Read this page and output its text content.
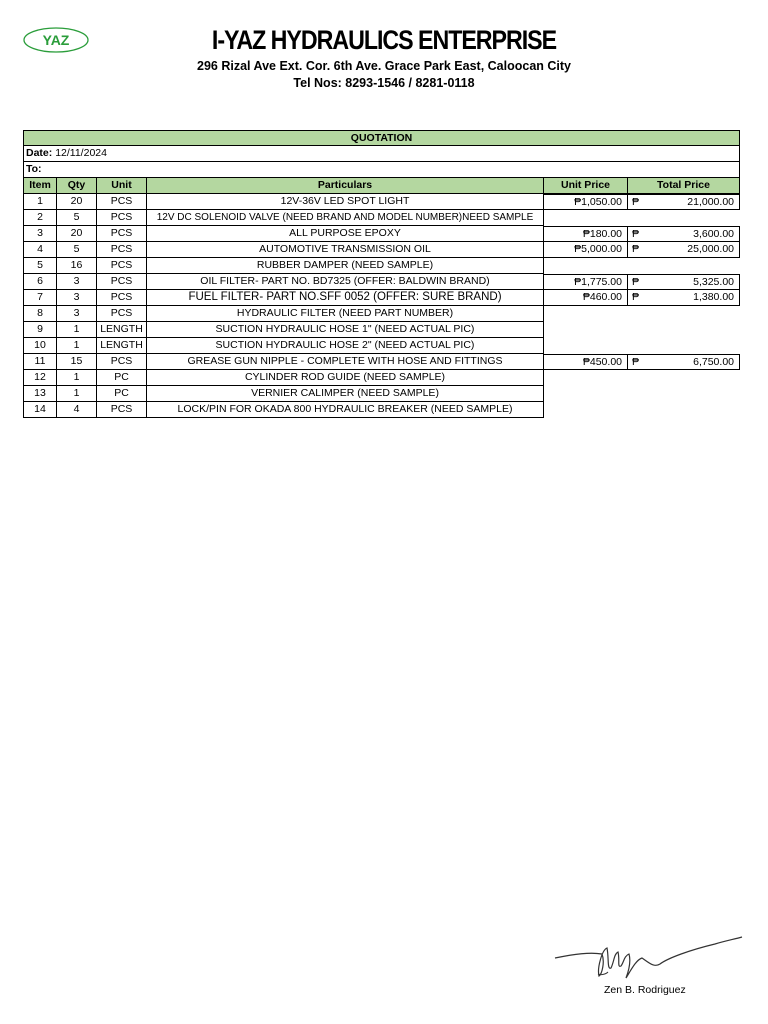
YAZ	I-YAZ HYDRAULICS ENTERPRISE
296 Rizal Ave Ext. Cor. 6th Ave. Grace Park East, Caloocan City
Tel Nos: 8293-1546 / 8281-0118
QUOTATION
Date: 12/11/2024
To:
Item	Qty	Unit	Particulars	Unit Price	Total Price
1	20	PCS	12V-36V LED SPOT LIGHT	₱1,050.00 ₱	21,000.00
2	5	PCS	12V DC SOLENOID VALVE (NEED BRAND AND MODEL NUMBER)NEED SAMPLE
3	20	PCS	ALL PURPOSE EPOXY	₱180.00 ₱	3,600.00
4	5	PCS	AUTOMOTIVE TRANSMISSION OIL	₱5,000.00 ₱	25,000.00
5	16	PCS	RUBBER DAMPER (NEED SAMPLE)
6	3	PCS	OIL FILTER- PART NO. BD7325 (OFFER: BALDWIN BRAND)	₱1,775.00 ₱	5,325.00
7	3	PCS	FUEL FILTER- PART NO.SFF 0052 (OFFER: SURE BRAND)	₱460.00 ₱	1,380.00
8	3	PCS	HYDRAULIC FILTER (NEED PART NUMBER)
9	1	LENGTH	SUCTION HYDRAULIC HOSE 1" (NEED ACTUAL PIC)
10	1	LENGTH	SUCTION HYDRAULIC HOSE 2" (NEED ACTUAL PIC)
11	15	PCS	GREASE GUN NIPPLE - COMPLETE WITH HOSE AND FITTINGS	₱450.00 ₱	6,750.00
12	1	PC	CYLINDER ROD GUIDE (NEED SAMPLE)
13	1	PC	VERNIER CALIMPER (NEED SAMPLE)
14	4	PCS	LOCK/PIN FOR OKADA 800 HYDRAULIC BREAKER (NEED SAMPLE)
Zen B. Rodriguez
